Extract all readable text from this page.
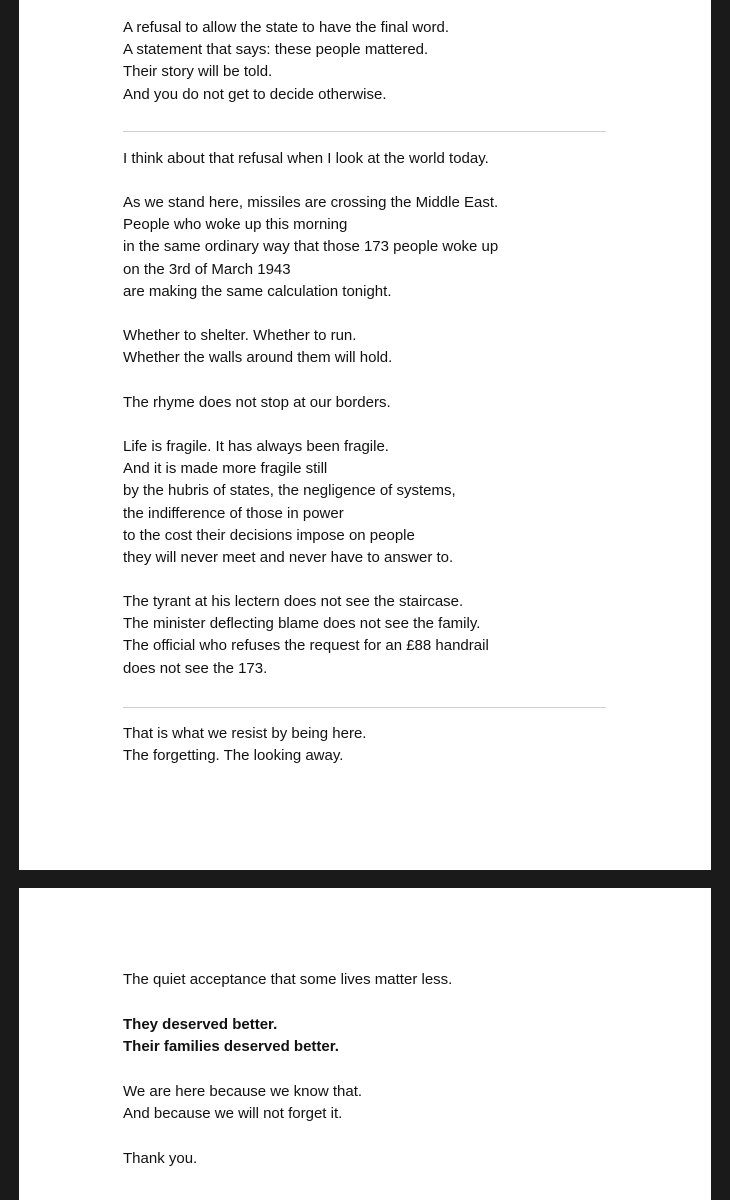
A refusal to allow the state to have the final word.
A statement that says: these people mattered.
Their story will be told.
And you do not get to decide otherwise.

I think about that refusal when I look at the world today.

As we stand here, missiles are crossing the Middle East.
People who woke up this morning
in the same ordinary way that those 173 people woke up
on the 3rd of March 1943
are making the same calculation tonight.

Whether to shelter. Whether to run.
Whether the walls around them will hold.

The rhyme does not stop at our borders.

Life is fragile. It has always been fragile.
And it is made more fragile still
by the hubris of states, the negligence of systems,
the indifference of those in power
to the cost their decisions impose on people
they will never meet and never have to answer to.

The tyrant at his lectern does not see the staircase.
The minister deflecting blame does not see the family.
The official who refuses the request for an £88 handrail
does not see the 173.

That is what we resist by being here.
The forgetting. The looking away.

The quiet acceptance that some lives matter less.

They deserved better.
Their families deserved better.

We are here because we know that.
And because we will not forget it.

Thank you.
